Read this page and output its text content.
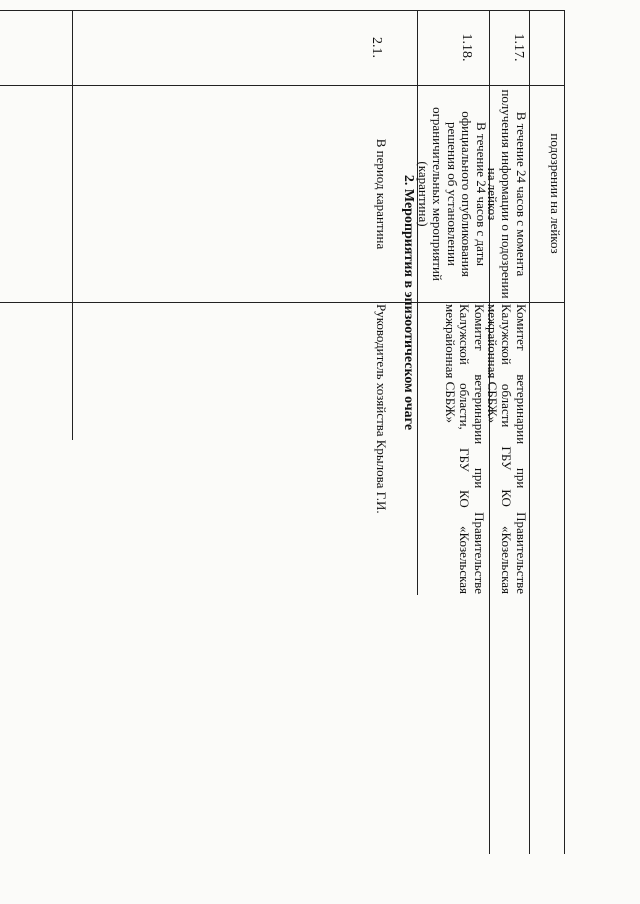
подозрении на лейкоз
1.17.
В течение 24 часов с момента получения информации о подозрении на лейкоз
Комитет ветеринарии при Правительстве Калужской области ГБУ КО «Козельская межрайонная СББЖ»
1.18.
В течение 24 часов с даты официального опубликования решения об установлении ограничительных мероприятий (карантина)
Комитет ветеринарии при Правительстве Калужской области, ГБУ КО «Козельская межрайонная СББЖ»
2. Мероприятия в эпизоотическом очаге
2.1.
В период карантина
Руководитель хозяйства Крылова Г.И.
